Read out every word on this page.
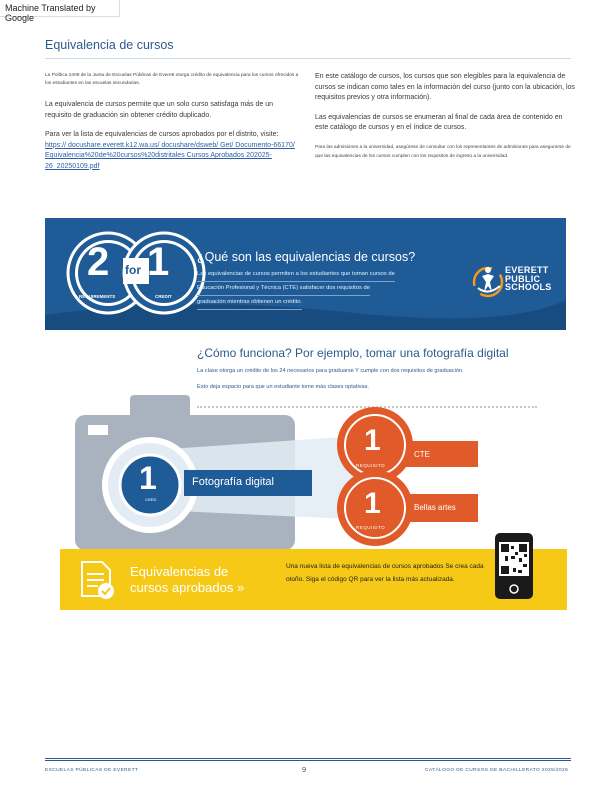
Machine Translated by Google
Equivalencia de cursos

La Política 2409 de la Junta de Escuelas Públicas de Everett otorga crédito de equivalencia para los cursos ofrecidos a los estudiantes en las escuelas secundarias.

La equivalencia de cursos permite que un solo curso satisfaga más de un requisito de graduación sin obtener crédito duplicado.

Para ver la lista de equivalencias de cursos aprobados por el distrito, visite: https:// docushare.everett.k12.wa.us/ docushare/dsweb/ Get/ Documento-66170/ Equivalencia%20de%20cursos%20distritales Cursos Aprobados 202025-26_20250109.pdf

En este catálogo de cursos, los cursos que son elegibles para la equivalencia de cursos se indican como tales en la información del curso (junto con la ubicación, los requisitos previos y otra información).

Las equivalencias de cursos se enumeran al final de cada área de contenido en este catálogo de cursos y en el índice de cursos.

Para las admisiones a la universidad, asegúrese de consultar con los representantes de admisiones para asegurarse de que las equivalencias de los cursos cumplen con los requisitos de ingreso a la universidad.

2 for 1
REQUIREMENTS	CREDIT
¿Qué son las equivalencias de cursos?
Las equivalencias de cursos permiten a los estudiantes que toman cursos de
Educación Profesional y Técnica (CTE) satisfacer dos requisitos de
graduación mientras obtienen un crédito.
EVERETT
PUBLIC
SCHOOLS
¿Cómo funciona? Por ejemplo, tomar una fotografía digital
La clase otorga un crédito de los 24 necesarios para graduarse Y cumple con dos requisitos de graduación.
Esto deja espacio para que un estudiante tome más clases optativas.
1
CRED
Fotografía digital
1
REQUISITO
CTE
1
REQUISITO
Bellas artes
Equivalencias de
cursos aprobados »
Una nueva lista de equivalencias de cursos aprobados Se crea cada otoño. Siga el código QR para ver la lista más actualizada.
ESCUELAS PÚBLICAS DE EVERETT	9	CATÁLOGO DE CURSOS DE BACHILLERATO 2025/2026
